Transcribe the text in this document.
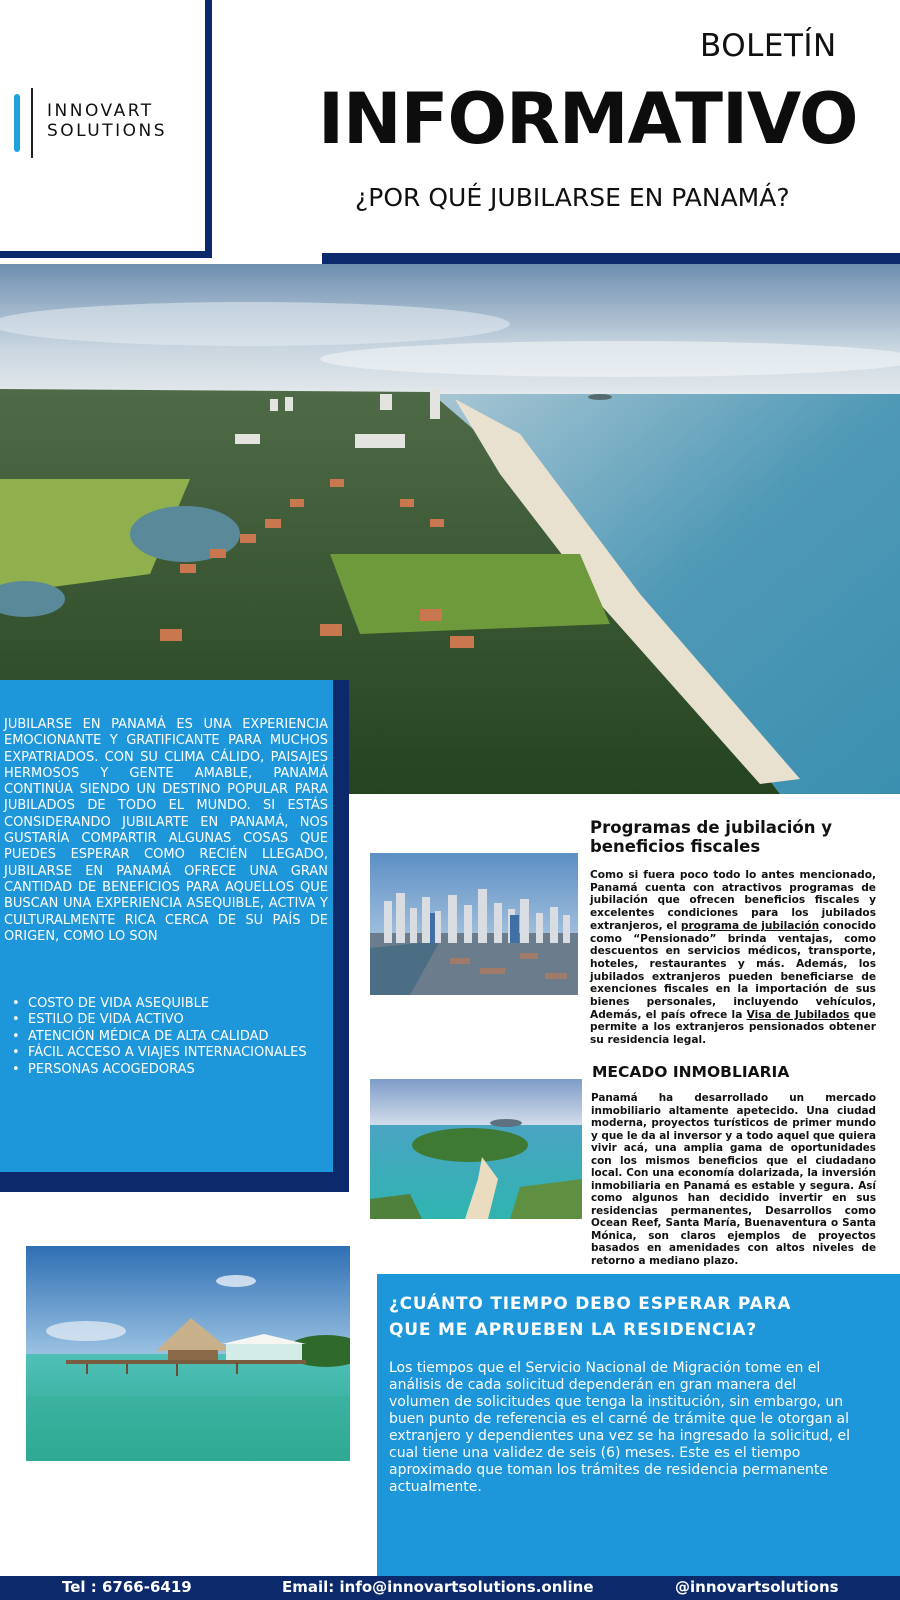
INNOVART
SOLUTIONS
BOLETÍN
INFORMATIVO
¿POR QUÉ JUBILARSE EN PANAMÁ?

JUBILARSE EN PANAMÁ ES UNA EXPERIENCIA EMOCIONANTE Y GRATIFICANTE PARA MUCHOS EXPATRIADOS. CON SU CLIMA CÁLIDO, PAISAJES HERMOSOS Y GENTE AMABLE, PANAMÁ CONTINÚA SIENDO UN DESTINO POPULAR PARA JUBILADOS DE TODO EL MUNDO. SI ESTÁS CONSIDERANDO JUBILARTE EN PANAMÁ, NOS GUSTARÍA COMPARTIR ALGUNAS COSAS QUE PUEDES ESPERAR COMO RECIÉN LLEGADO, JUBILARSE EN PANAMÁ OFRECE UNA GRAN CANTIDAD DE BENEFICIOS PARA AQUELLOS QUE BUSCAN UNA EXPERIENCIA ASEQUIBLE, ACTIVA Y CULTURALMENTE RICA CERCA DE SU PAÍS DE ORIGEN, COMO LO SON

• COSTO DE VIDA ASEQUIBLE
• ESTILO DE VIDA ACTIVO
• ATENCIÓN MÉDICA DE ALTA CALIDAD
• FÁCIL ACCESO A VIAJES INTERNACIONALES
• PERSONAS ACOGEDORAS
Programas de jubilación y beneficios fiscales

Como si fuera poco todo lo antes mencionado, Panamá cuenta con atractivos programas de jubilación que ofrecen beneficios fiscales y excelentes condiciones para los jubilados extranjeros, el programa de jubilación conocido como “Pensionado” brinda ventajas, como descuentos en servicios médicos, transporte, hoteles, restaurantes y más. Además, los jubilados extranjeros pueden beneficiarse de exenciones fiscales en la importación de sus bienes personales, incluyendo vehículos, Además, el país ofrece la Visa de Jubilados que permite a los extranjeros pensionados obtener su residencia legal.

MECADO INMOBLIARIA

Panamá ha desarrollado un mercado inmobiliario altamente apetecido. Una ciudad moderna, proyectos turísticos de primer mundo y que le da al inversor y a todo aquel que quiera vivir acá, una amplia gama de oportunidades con los mismos beneficios que el ciudadano local. Con una economía dolarizada, la inversión inmobiliaria en Panamá es estable y segura. Así como algunos han decidido invertir en sus residencias permanentes, Desarrollos como Ocean Reef, Santa María, Buenaventura o Santa Mónica, son claros ejemplos de proyectos basados en amenidades con altos niveles de retorno a mediano plazo.

¿CUÁNTO TIEMPO DEBO ESPERAR PARA QUE ME APRUEBEN LA RESIDENCIA?

Los tiempos que el Servicio Nacional de Migración tome en el análisis de cada solicitud dependerán en gran manera del volumen de solicitudes que tenga la institución, sin embargo, un buen punto de referencia es el carné de trámite que le otorgan al extranjero y dependientes una vez se ha ingresado la solicitud, el cual tiene una validez de seis (6) meses. Este es el tiempo aproximado que toman los trámites de residencia permanente actualmente.

Tel : 6766-6419	Email: info@innovartsolutions.online	@innovartsolutions
